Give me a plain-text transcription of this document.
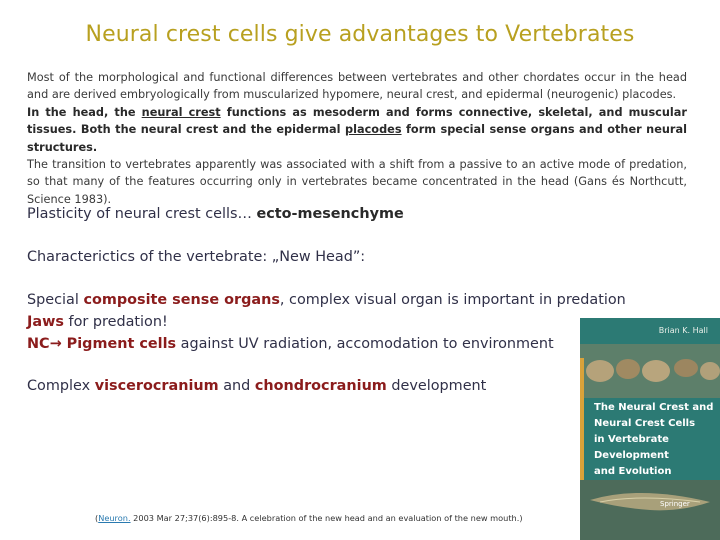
Neural crest cells give advantages to Vertebrates

Most of the morphological and functional differences between vertebrates and other chordates occur in the head and are derived embryologically from muscularized hypomere, neural crest, and epidermal (neurogenic) placodes.

In the head, the neural crest functions as mesoderm and forms connective, skeletal, and muscular tissues. Both the neural crest and the epidermal placodes form special sense organs and other neural structures.

The transition to vertebrates apparently was associated with a shift from a passive to an active mode of predation, so that many of the features occurring only in vertebrates became concentrated in the head (Gans és Northcutt, Science 1983).

Plasticity of neural crest cells… ecto-mesenchyme
Characterictics of the vertebrate: „New Head”:
Special composite sense organs, complex visual organ is important in predation
Jaws for predation!
NC→ Pigment cells against UV radiation, accomodation to environment
Complex viscerocranium and chondrocranium development
(Neuron. 2003 Mar 27;37(6):895-8. A celebration of the new head and an evaluation of the new mouth.)
Brian K. Hall
The Neural Crest and
Neural Crest Cells
in Vertebrate Development
and Evolution
Springer
